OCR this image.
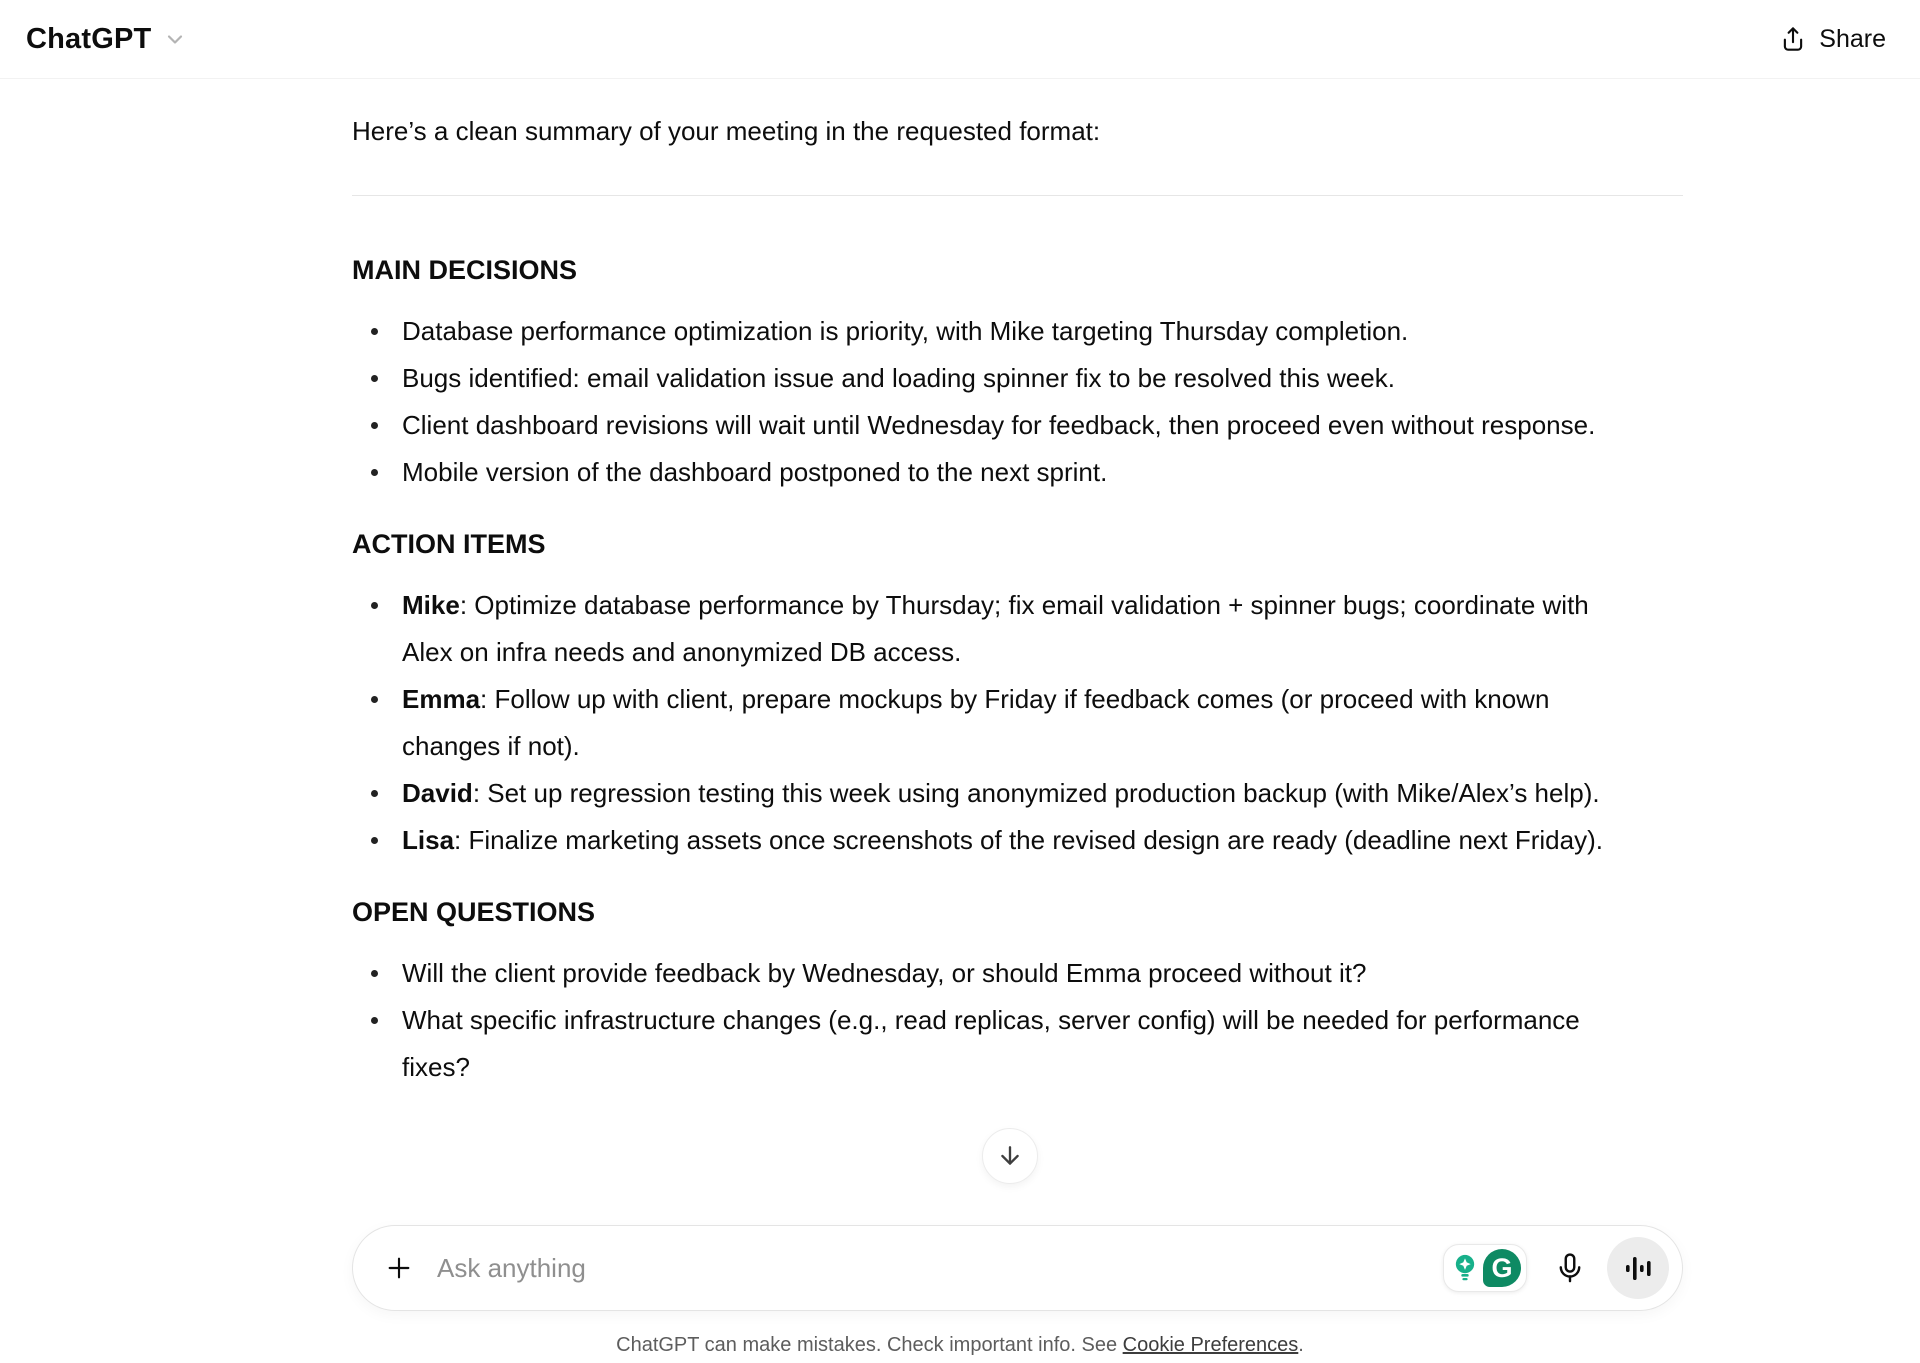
ChatGPT	Share

Here’s a clean summary of your meeting in the requested format:

MAIN DECISIONS
Database performance optimization is priority, with Mike targeting Thursday completion.
Bugs identified: email validation issue and loading spinner fix to be resolved this week.
Client dashboard revisions will wait until Wednesday for feedback, then proceed even without response.
Mobile version of the dashboard postponed to the next sprint.
ACTION ITEMS
Mike: Optimize database performance by Thursday; fix email validation + spinner bugs; coordinate with Alex on infra needs and anonymized DB access.
Emma: Follow up with client, prepare mockups by Friday if feedback comes (or proceed with known changes if not).
David: Set up regression testing this week using anonymized production backup (with Mike/Alex’s help).
Lisa: Finalize marketing assets once screenshots of the revised design are ready (deadline next Friday).
OPEN QUESTIONS
Will the client provide feedback by Wednesday, or should Emma proceed without it?
What specific infrastructure changes (e.g., read replicas, server config) will be needed for performance fixes?
Ask anything
G
ChatGPT can make mistakes. Check important info. See Cookie Preferences.
